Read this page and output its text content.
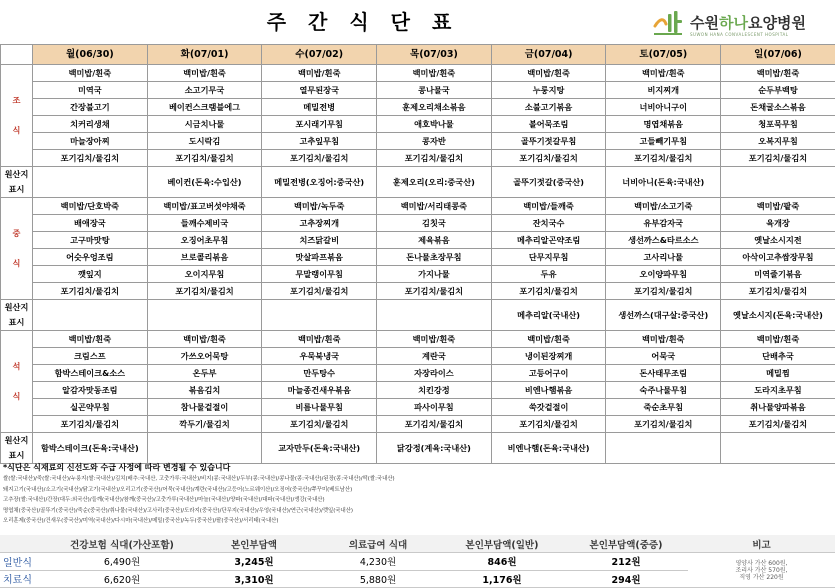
주간식단표	수원하나요양병원
SUWON HANA CONVALESCENT HOSPITAL
	월(06/30)	화(07/01)	수(07/02)	목(07/03)	금(07/04)	토(07/05)	일(07/06)
조

식	백미밥/흰죽	백미밥/흰죽	백미밥/흰죽	백미밥/흰죽	백미밥/흰죽	백미밥/흰죽	백미밥/흰죽
	미역국	소고기무국	열무된장국	콩나물국	누룽지탕	비지찌개	순두부백탕
	간장불고기	베이컨스크램블에그	메밀전병	훈제오리채소볶음	소불고기볶음	너비아니구이	돈채굴소스볶음
	치커리생채	시금치나물	포시래기무침	애호박나물	볼어묵조림	명엽채볶음	청포묵무침
	마늘장아찌	도시락김	고추잎무침	콩자반	골뚜기젓갈무침	고들빼기무침	오복지무침
	포기김치/물김치	포기김치/물김치	포기김치/물김치	포기김치/물김치	포기김치/물김치	포기김치/물김치	포기김치/물김치
원산지
표시		베이컨(돈육:수입산)	메밀전병(오징어:중국산)	훈제오리(오리:중국산)	골뚜기젓갈(중국산)	너비아니(돈육:국내산)	
중

식	백미밥/단호박죽	백미밥/표고버섯야채죽	백미밥/녹두죽	백미밥/서리태콩죽	백미밥/들깨죽	백미밥/소고기죽	백미밥/팥죽
	배애장국	들깨수제비국	고추장찌개	김칫국	잔치국수	유부감자국	육개장
	고구마맛탕	오징어초무침	치즈닭갈비	제육볶음	메추리알곤약조림	생선까스&타르소스	옛날소시지전
	어슷우엉조림	브로콜리볶음	맛살파프볶음	돈나물초장무침	단무지무침	고사리나물	아삭이고추쌈장무침
	깻잎지	오이지무침	무말랭이무침	가지나물	두유	오이양파무침	미역줄기볶음
	포기김치/물김치	포기김치/물김치	포기김치/물김치	포기김치/물김치	포기김치/물김치	포기김치/물김치	포기김치/물김치
원산지
표시					메추리알(국내산)	생선까스(대구살:중국산)	옛날소시지(돈육:국내산)
석

식	백미밥/흰죽	백미밥/흰죽	백미밥/흰죽	백미밥/흰죽	백미밥/흰죽	백미밥/흰죽	백미밥/흰죽
	크림스프	가쓰오어묵탕	우묵북냉국	계란국	냉이된장찌개	어묵국	단배추국
	함박스테이크&소스	온두부	만두탕수	자장라이스	고등어구이	돈사태무조림	메밀찜
	알감자맛동조림	볶음김치	마늘종건새우볶음	치킨강정	비엔나햄볶음	숙주나물무침	도라지초무침
	실곤약무침	참나물겉절이	비름나물무침	파사이무침	쑥갓겉절이	죽순초무침	취나물양파볶음
	포기김치/물김치	깍두기/물김치	포기김치/물김치	포기김치/물김치	포기김치/물김치	포기김치/물김치	포기김치/물김치
원산지
표시	함박스테이크(돈육:국내산)		교자만두(돈육:국내산)	닭강정(계육:국내산)	비엔나햄(돈육:국내산)		
*식단은 식재료의 신선도와 수급 사정에 따라 변경될 수 있습니다
쌀(쌀:국내산)/죽(쌀:국내산)/누룽지(쌀:국내산)/김치(배추:국내산, 고춧가루:국내산)/비지(콩:국내산)/두부(콩:국내산)/콩나물(콩:국내산)/된장(콩:국내산)/떡(쌀:국내산)
돼지고기(국내산)/소고기(국내산)/닭고기(국내산)/오리고기(중국산)/어묵(국내산)/계란(국내산)/고등어(노르웨이산)/오징어(중국산)/쭈꾸미(베트남산)
고추장(쌀:국내산)/간장(대두:외국산)/들깨(국내산)/참깨(중국산)/고춧가루(국내산)/마늘(국내산)/양파(국내산)/대파(국내산)/생강(국내산)
명엽채(중국산)/골뚜기(중국산)/죽순(중국산)/취나물(국내산)/고사리(중국산)/도라지(중국산)/단무지(국내산)/우엉(국내산)/연근(국내산)/깻잎(국내산)
오리훈제(중국산)/건새우(중국산)/미역(국내산)/다시마(국내산)/메밀(중국산)/녹두(중국산)/팥(중국산)/서리태(국내산)
	건강보험 식대(가산포함)	본인부담액	의료급여 식대	본인부담액(일반)	본인부담액(중증)	비고
일반식	6,490원	3,245원	4,230원	846원	212원	영양사 가산 600원,
조리사 가산 570원,
직영 가산 220원
치료식	6,620원	3,310원	5,880원	1,176원	294원	
